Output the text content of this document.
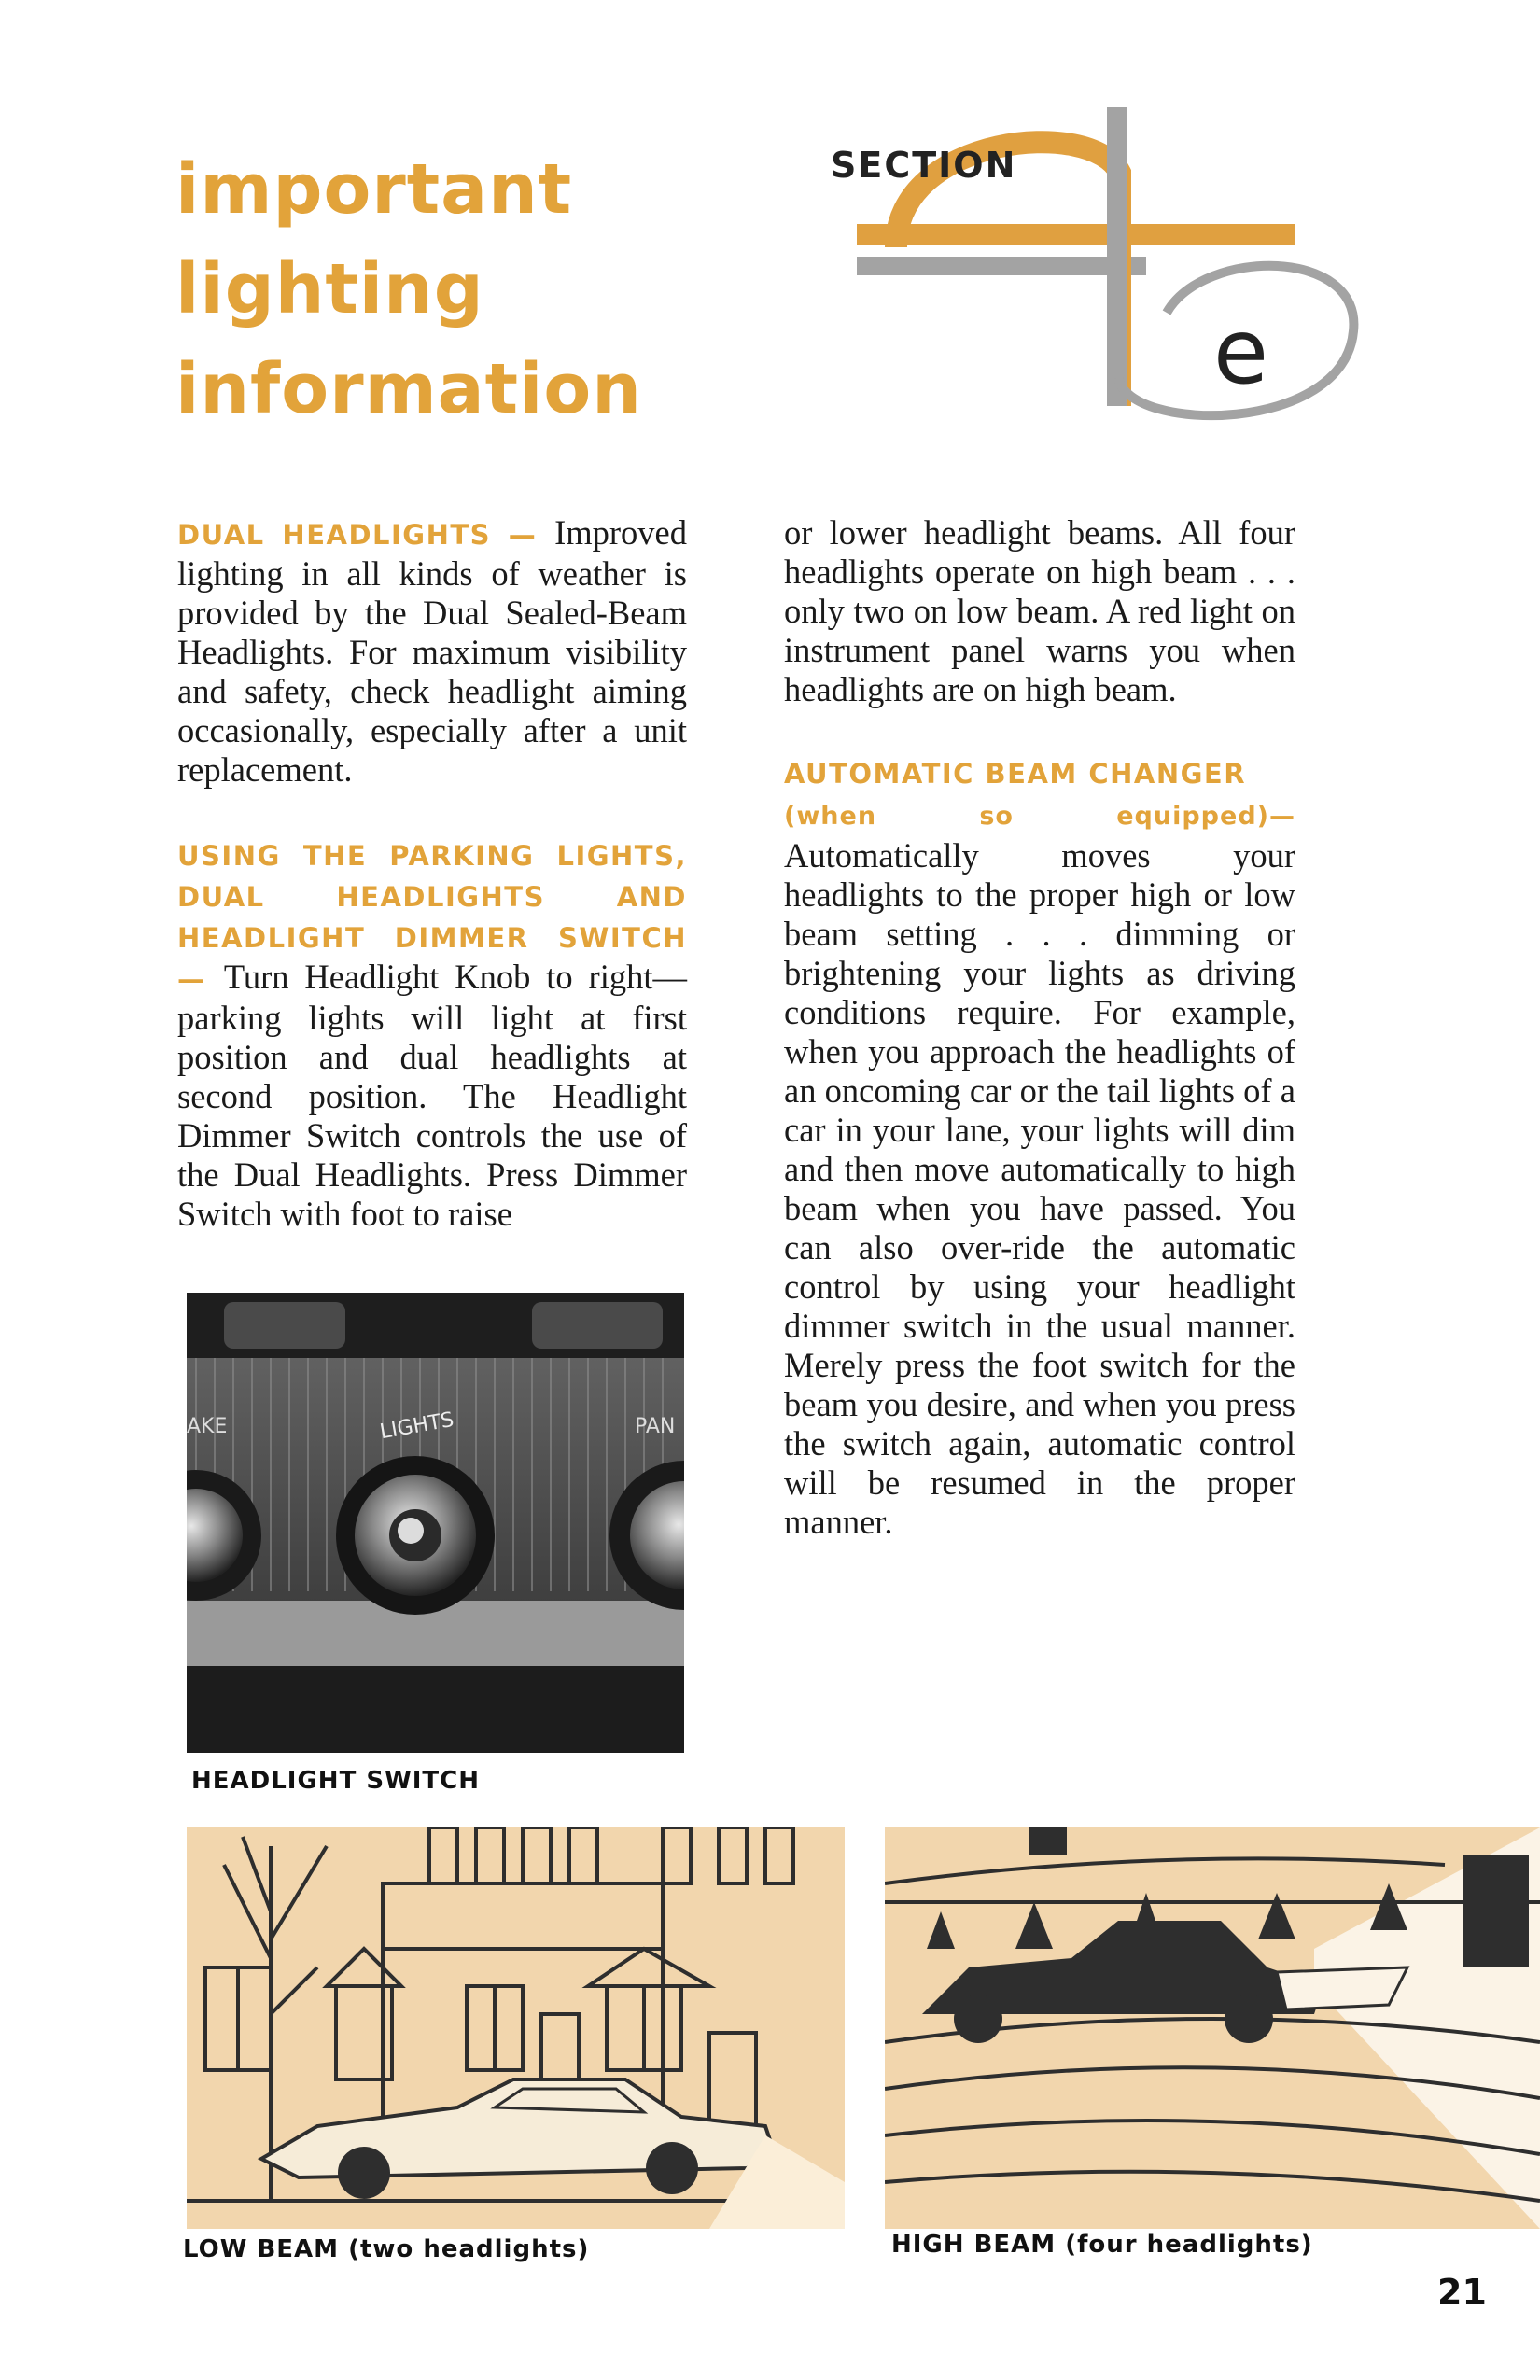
important
lighting
information
SECTION
e

DUAL HEADLIGHTS — Improved lighting in all kinds of weather is provided by the Dual Sealed-Beam Headlights. For maximum visibility and safety, check headlight aiming occasionally, especially after a unit replacement.

USING THE PARKING LIGHTS, DUAL HEADLIGHTS AND HEADLIGHT DIMMER SWITCH — Turn Headlight Knob to right—parking lights will light at first position and dual headlights at second position. The Headlight Dimmer Switch controls the use of the Dual Headlights. Press Dimmer Switch with foot to raise

or lower headlight beams. All four headlights operate on high beam . . . only two on low beam. A red light on instrument panel warns you when headlights are on high beam.

AUTOMATIC BEAM CHANGER
(when so equipped)—Automatically moves your headlights to the proper high or low beam setting . . . dimming or brightening your lights as driving conditions require. For example, when you approach the headlights of an oncoming car or the tail lights of a car in your lane, your lights will dim and then move automatically to high beam when you have passed. You can also over-ride the automatic control by using your headlight dimmer switch in the usual manner. Merely press the foot switch for the beam you desire, and when you press the switch again, automatic control will be resumed in the proper manner.

AKE	LIGHTS	PAN
HEADLIGHT SWITCH
LOW BEAM (two headlights)	HIGH BEAM (four headlights)
21
